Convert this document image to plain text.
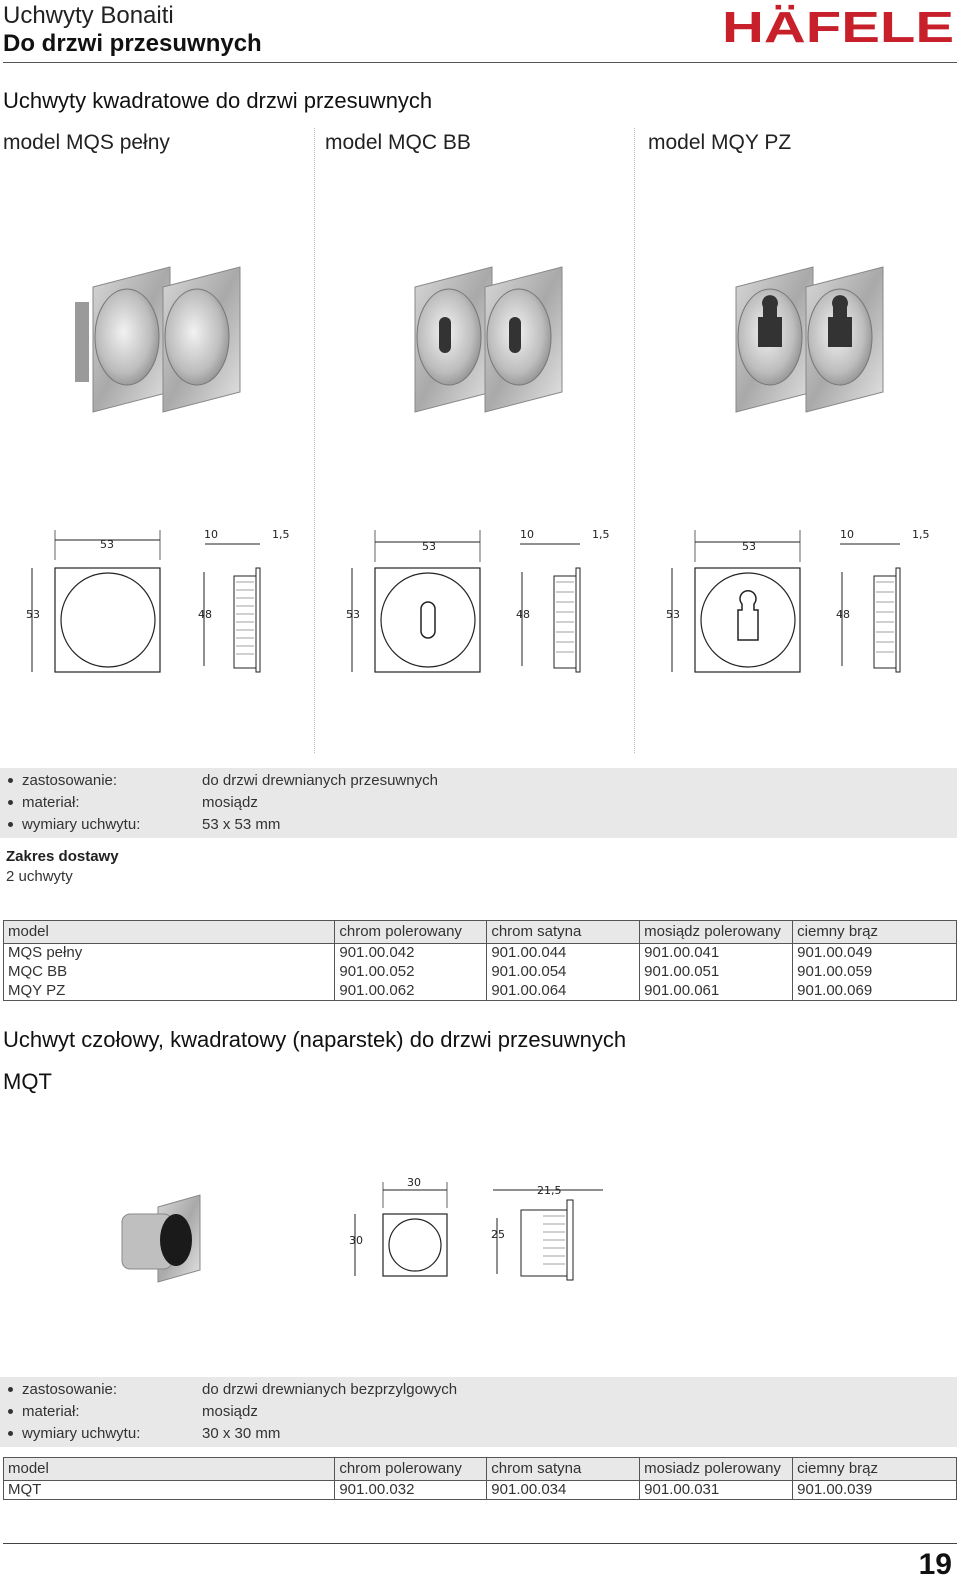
Uchwyty Bonaiti
Do drzwi przesuwnych	HÄFELE
Uchwyty kwadratowe do drzwi przesuwnych
model MQS pełny	model MQC BB	model MQY PZ
53
10	1,5
53	48
53
10	1,5
53	48
53
10	1,5
53	48
zastosowanie:	do drzwi drewnianych przesuwnych
materiał:	mosiądz
wymiary uchwytu:	53 x 53 mm
Zakres dostawy
2 uchwyty
model	chrom polerowany	chrom satyna	mosiądz polerowany	ciemny brąz
MQS pełny	901.00.042	901.00.044	901.00.041	901.00.049
MQC BB	901.00.052	901.00.054	901.00.051	901.00.059
MQY PZ	901.00.062	901.00.064	901.00.061	901.00.069
Uchwyt czołowy, kwadratowy (naparstek) do drzwi przesuwnych
MQT
30
30
21,5
25
zastosowanie:	do drzwi drewnianych bezprzylgowych
materiał:	mosiądz
wymiary uchwytu:	30 x 30 mm
model	chrom polerowany	chrom satyna	mosiadz polerowany	ciemny brąz
MQT	901.00.032	901.00.034	901.00.031	901.00.039
19
